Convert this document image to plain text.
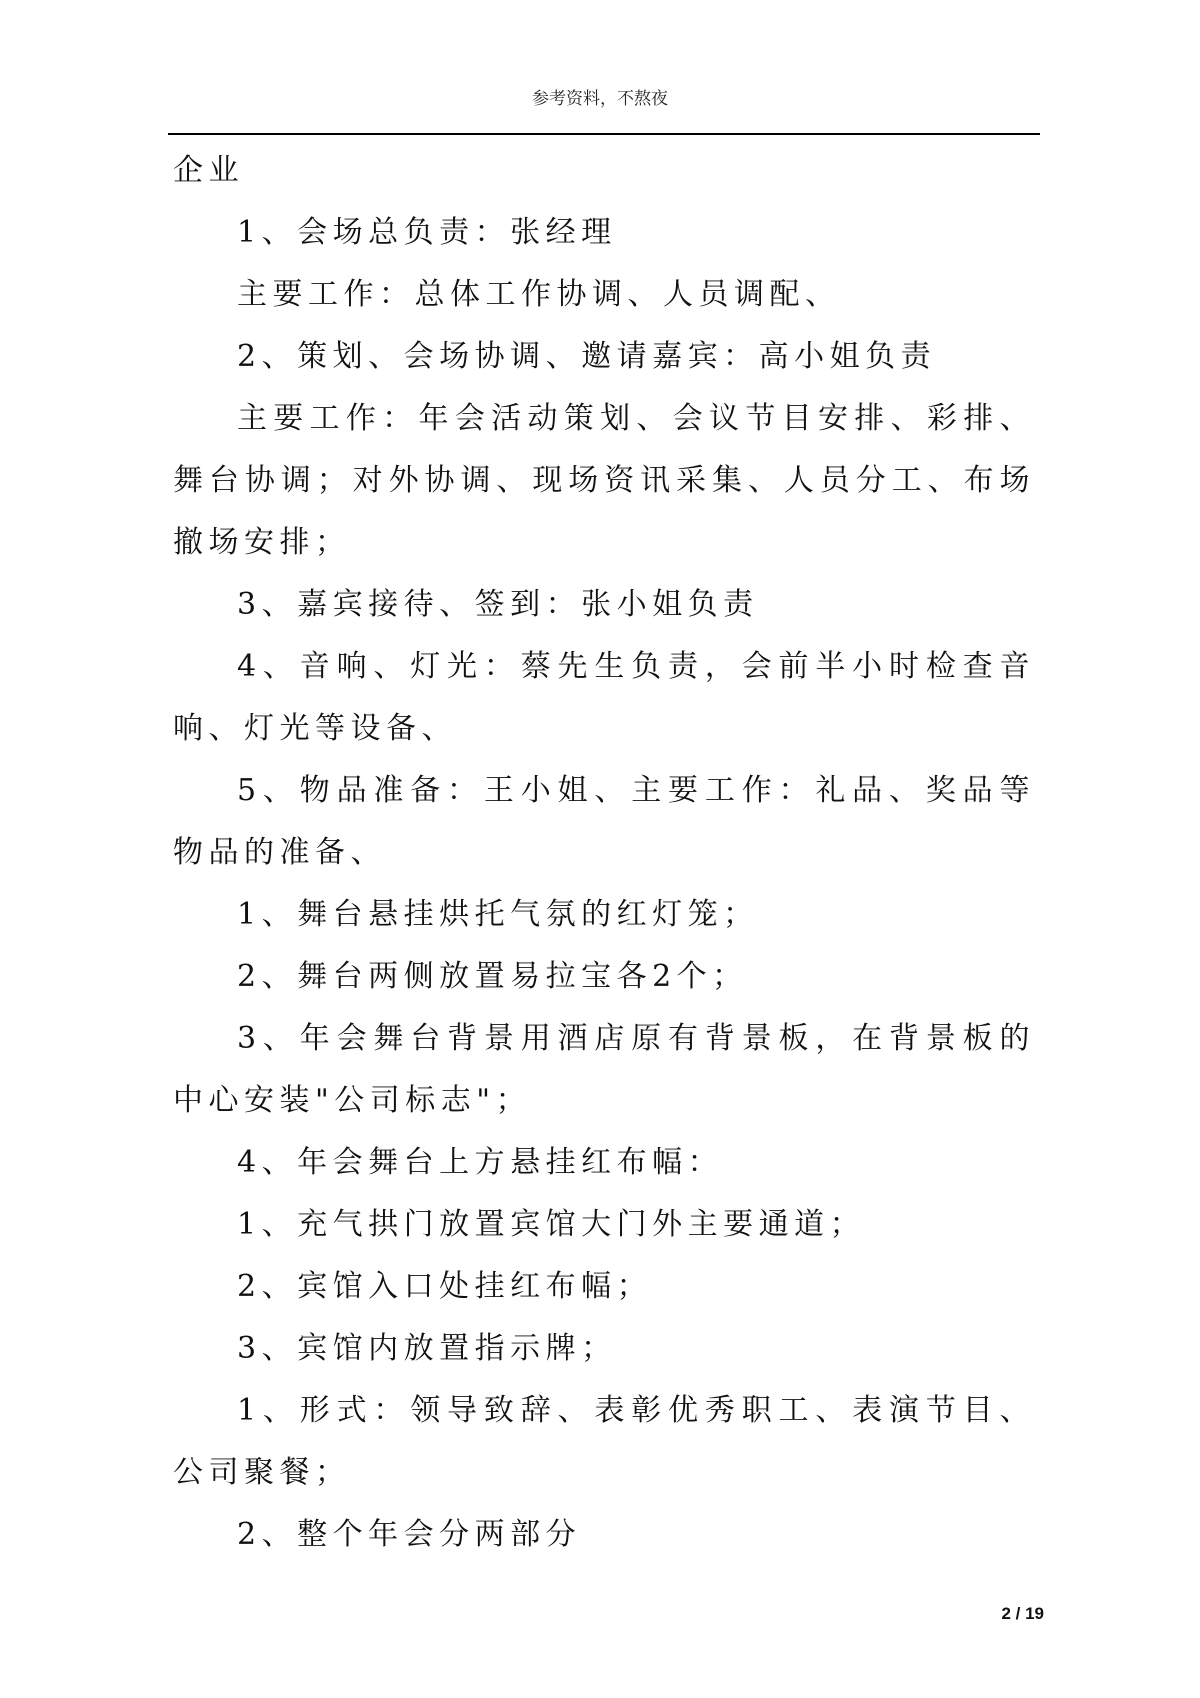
参考资料，不熬夜

企业

1、会场总负责：张经理

主要工作：总体工作协调、人员调配、

2、策划、会场协调、邀请嘉宾：高小姐负责

主要工作：年会活动策划、会议节目安排、彩排、舞台协调；对外协调、现场资讯采集、人员分工、布场撤场安排；

3、嘉宾接待、签到：张小姐负责

4、音响、灯光：蔡先生负责，会前半小时检查音响、灯光等设备、

5、物品准备：王小姐、主要工作：礼品、奖品等物品的准备、

1、舞台悬挂烘托气氛的红灯笼；

2、舞台两侧放置易拉宝各2个；

3、年会舞台背景用酒店原有背景板，在背景板的中心安装"公司标志"；

4、年会舞台上方悬挂红布幅：

1、充气拱门放置宾馆大门外主要通道；

2、宾馆入口处挂红布幅；

3、宾馆内放置指示牌；

1、形式：领导致辞、表彰优秀职工、表演节目、公司聚餐；

2、整个年会分两部分

2 / 19
